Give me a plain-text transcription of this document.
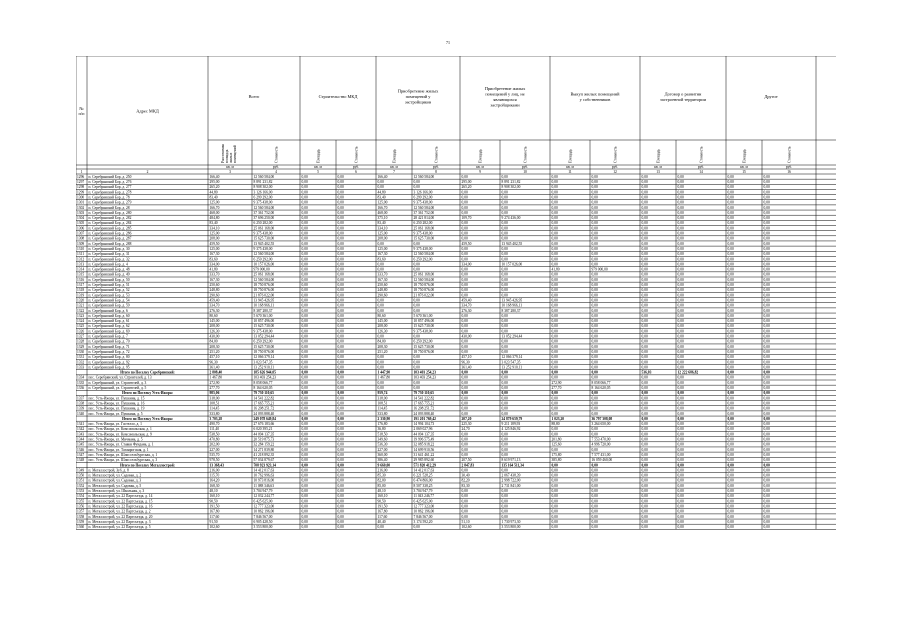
71
№ п/п	Адрес МКД
Всего	Строительство МКД
Приобретение жилых помещений у застройщиков
Приобретение жилых помещений у лиц, не являющихся застройщиками
Выкуп жилых помещений у собственников
Договор о развитии застроенной территории
Другое
Расселяемая площадь жилых помещений	Стоимость	Площадь	Стоимость	Площадь	Стоимость	Площадь	Стоимость	Площадь	Стоимость	Площадь	Стоимость	Площадь	Стоимость
кв. м	руб.	кв. м	руб.	кв. м	руб.	кв. м	руб.	кв. м	руб.	кв. м	руб.	кв. м	руб.
1	2	3	4	5	6	7	8	9	10	11	12	13	14	15	16
1296 п. Серебрянский Бор, д. 250	166,40	12 560 584,00	0,00	0,00	166,40	12 560 584,00	0,00	0,00	0,00	0,00	0,00	0,00	0,00	0,00
1297 п. Серебрянский Бор, д. 276	295,00	8 891 231,82	0,00	0,00	0,00	0,00	295,00	8 891 231,82	0,00	0,00	0,00	0,00	0,00	0,00
1298 п. Серебрянский Бор, д. 277	265,20	8 908 302,00	0,00	0,00	0,00	0,00	265,20	8 908 302,00	0,00	0,00	0,00	0,00	0,00	0,00
1299 п. Серебрянский Бор, д. 278	44,80	3 126 166,00	0,00	0,00	44,80	3 126 166,00	0,00	0,00	0,00	0,00	0,00	0,00	0,00	0,00
1300 п. Серебрянский Бор, д. 78	83,40	6 299 292,00	0,00	0,00	83,40	6 299 292,00	0,00	0,00	0,00	0,00	0,00	0,00	0,00	0,00
1301 п. Серебрянский Бор, д. 279	125,00	9 375 438,00	0,00	0,00	125,00	9 375 438,00	0,00	0,00	0,00	0,00	0,00	0,00	0,00	0,00
1302 п. Серебрянский Бор, д. 28	166,70	12 560 584,00	0,00	0,00	166,70	12 560 584,00	0,00	0,00	0,00	0,00	0,00	0,00	0,00	0,00
1303 п. Серебрянский Бор, д. 280	468,00	37 361 752,00	0,00	0,00	468,00	37 361 752,00	0,00	0,00	0,00	0,00	0,00	0,00	0,00	0,00
1304 п. Серебрянский Бор, д. 282	484,80	37 696 250,00	0,00	0,00	375,10	28 421 814,00	109,70	9 274 436,00	0,00	0,00	0,00	0,00	0,00	0,00
1305 п. Серебрянский Бор, д. 284	83,40	6 250 282,00	0,00	0,00	83,40	6 250 282,00	0,00	0,00	0,00	0,00	0,00	0,00	0,00	0,00
1306 п. Серебрянский Бор, д. 285	334,10	25 061 168,00	0,00	0,00	334,10	25 061 168,00	0,00	0,00	0,00	0,00	0,00	0,00	0,00	0,00
1307 п. Серебрянский Бор, д. 286	125,00	9 375 438,00	0,00	0,00	125,00	9 375 438,00	0,00	0,00	0,00	0,00	0,00	0,00	0,00	0,00
1308 п. Серебрянский Бор, д. 287	208,00	15 625 730,00	0,00	0,00	208,00	15 625 730,00	0,00	0,00	0,00	0,00	0,00	0,00	0,00	0,00
1309 п. Серебрянский Бор, д. 288	459,50	13 945 402,55	0,00	0,00	0,00	0,00	459,50	13 945 402,55	0,00	0,00	0,00	0,00	0,00	0,00
1310 п. Серебрянский Бор, д. 30	125,00	9 375 438,00	0,00	0,00	125,00	9 375 438,00	0,00	0,00	0,00	0,00	0,00	0,00	0,00	0,00
1311 п. Серебрянский Бор, д. 31	167,30	12 560 584,00	0,00	0,00	167,30	12 560 584,00	0,00	0,00	0,00	0,00	0,00	0,00	0,00	0,00
1312 п. Серебрянский Бор, д. 32	83,60	6 250 292,00	0,00	0,00	83,60	6 250 292,00	0,00	0,00	0,00	0,00	0,00	0,00	0,00	0,00
1313 п. Серебрянский Бор, д. 4	334,00	10 157 026,00	0,00	0,00	0,00	0,00	334,00	10 157 026,00	0,00	0,00	0,00	0,00	0,00	0,00
1314 п. Серебрянский Бор, д. 48	41,80	979 000,00	0,00	0,00	0,00	0,00	0,00	0,00	41,80	979 000,00	0,00	0,00	0,00	0,00
1315 п. Серебрянский Бор, д. 49	333,70	25 061 168,00	0,00	0,00	333,70	25 061 168,00	0,00	0,00	0,00	0,00	0,00	0,00	0,00	0,00
1316 п. Серебрянский Бор, д. 50	167,30	12 560 584,00	0,00	0,00	167,30	12 560 584,00	0,00	0,00	0,00	0,00	0,00	0,00	0,00	0,00
1317 п. Серебрянский Бор, д. 51	250,60	18 750 876,00	0,00	0,00	250,60	18 750 876,00	0,00	0,00	0,00	0,00	0,00	0,00	0,00	0,00
1318 п. Серебрянский Бор, д. 52	248,80	18 750 876,00	0,00	0,00	248,80	18 750 876,00	0,00	0,00	0,00	0,00	0,00	0,00	0,00	0,00
1319 п. Серебрянский Бор, д. 53	290,60	21 876 022,00	0,00	0,00	290,60	21 876 022,00	0,00	0,00	0,00	0,00	0,00	0,00	0,00	0,00
1320 п. Серебрянский Бор, д. 54	459,40	13 945 426,95	0,00	0,00	0,00	0,00	459,40	13 945 426,95	0,00	0,00	0,00	0,00	0,00	0,00
1321 п. Серебрянский Бор, д. 59	334,70	10 168 966,11	0,00	0,00	0,00	0,00	334,70	10 168 966,11	0,00	0,00	0,00	0,00	0,00	0,00
1322 п. Серебрянский Бор, д. 6	276,30	8 387 280,37	0,00	0,00	0,00	0,00	276,30	8 387 280,37	0,00	0,00	0,00	0,00	0,00	0,00
1323 п. Серебрянский Бор, д. 60	80,60	5 670 361,00	0,00	0,00	80,60	5 670 361,00	0,00	0,00	0,00	0,00	0,00	0,00	0,00	0,00
1324 п. Серебрянский Бор, д. 61	145,00	10 857 496,00	0,00	0,00	145,00	10 857 496,00	0,00	0,00	0,00	0,00	0,00	0,00	0,00	0,00
1325 п. Серебрянский Бор, д. 62	208,00	15 625 730,00	0,00	0,00	208,00	15 625 730,00	0,00	0,00	0,00	0,00	0,00	0,00	0,00	0,00
1326 п. Серебрянский Бор, д. 69	126,30	9 375 438,00	0,00	0,00	126,30	9 375 438,00	0,00	0,00	0,00	0,00	0,00	0,00	0,00	0,00
1327 п. Серебрянский Бор, д. 7	430,00	13 052 294,44	0,00	0,00	0,00	0,00	430,00	13 052 294,44	0,00	0,00	0,00	0,00	0,00	0,00
1328 п. Серебрянский Бор, д. 70	84,00	6 250 292,00	0,00	0,00	84,00	6 250 292,00	0,00	0,00	0,00	0,00	0,00	0,00	0,00	0,00
1329 п. Серебрянский Бор, д. 71	208,30	15 625 730,00	0,00	0,00	208,30	15 625 730,00	0,00	0,00	0,00	0,00	0,00	0,00	0,00	0,00
1330 п. Серебрянский Бор, д. 72	251,20	18 750 876,00	0,00	0,00	251,20	18 750 876,00	0,00	0,00	0,00	0,00	0,00	0,00	0,00	0,00
1331 п. Серебрянский Бор, д. 80	457,10	12 066 379,14	0,00	0,00	0,00	0,00	457,10	12 066 379,14	0,00	0,00	0,00	0,00	0,00	0,00
1332 п. Серебрянский Бор, д. 92	96,30	3 023 547,35	0,00	0,00	0,00	0,00	96,30	3 023 547,35	0,00	0,00	0,00	0,00	0,00	0,00
1333 п. Серебрянский Бор, д. 95	361,40	13 252 910,11	0,00	0,00	0,00	0,00	361,40	13 252 910,11	0,00	0,00	0,00	0,00	0,00	0,00
Итого по Поселку Серебрянский:	2 808,40	185 626 944,05	0,00	0,00	1 447,90	103 403 254,23	0,00	0,00	0,00	0,00	536,03	12 222 686,82	0,00	0,00
1334 пос. Серебрянский, ул. Строителей, д. 13	1 467,80	103 403 254,23	0,00	0,00	1 467,80	103 403 254,23	0,00	0,00	0,00	0,00	0,00	0,00	0,00	0,00
1335 п. Серебрянский, ул. Строителей, д. 3	272,90	8 058 066,77	0,00	0,00	0,00	0,00	0,00	0,00	272,90	8 058 066,77	0,00	0,00	0,00	0,00
1336 п. Серебрянский, ул. Строителей, д. 5	277,70	8 164 620,05	0,00	0,00	0,00	0,00	0,00	0,00	277,70	8 164 620,05	0,00	0,00	0,00	0,00
Итого по Поселку Усть-Ижора:	985,06	79 730 110,65	0,00	0,00	959,74	79 730 110,65	0,00	0,00	0,00	0,00	0,00	0,00	0,00	0,00
1337 пос. Усть-Ижора, ул. Пушкина, д. 15	318,00	14 541 222,82	0,00	0,00	318,00	14 541 222,82	0,00	0,00	0,00	0,00	0,00	0,00	0,00	0,00
1338 пос. Усть-Ижора, ул. Пушкина, д. 16	108,51	17 665 755,21	0,00	0,00	108,51	17 665 755,21	0,00	0,00	0,00	0,00	0,00	0,00	0,00	0,00
1339 пос. Усть-Ижора, ул. Пушкина, д. 19	114,45	16 208 251,72	0,00	0,00	114,45	16 208 251,72	0,00	0,00	0,00	0,00	0,00	0,00	0,00	0,00
1340 пос. Усть-Ижора, ул. Пушкина, д. 5	333,80	24 093 888,40	0,00	0,00	333,80	24 093 888,40	0,00	0,00	0,00	0,00	0,00	0,00	0,00	0,00
Итого по Поселку Усть-Ижора:	3 703,28	249 078 649,84	0,00	0,00	2 330,90	191 201 769,42	207,20	24 879 659,79	1 023,20	36 797 308,08	0,00	0,00	0,00	0,00
1341 пос. Усть-Ижора, ул. Гастелло, д. 1	490,70	27 676 183,66	0,00	0,00	176,80	14 994 104,73	225,30	9 211 189,93	88,80	3 264 650,00	0,00	0,00	0,00	0,00
1342 пос. Усть-Ижора, ул. Комсомольская, д. 1	111,40	6 020 395,21	0,00	0,00	36,80	2 069 027,96	24,70	4 125 846,92	0,00	0,00	0,00	0,00	0,00	0,00
1343 пос. Усть-Ижора, ул. Комсомольская, д. 9	538,50	44 094 137,35	0,00	0,00	518,50	44 094 137,35	0,00	0,00	0,00	0,00	0,00	0,00	0,00	0,00
1344 пос. Усть-Ижора, ул. Мичмана, д. 5	470,80	20 519 875,73	0,00	0,00	349,60	19 996 575,49	0,00	0,00	201,80	7 553 470,00	0,00	0,00	0,00	0,00
1345 пос. Усть-Ижора, ул. Ставки Фундана, д. 1	202,00	32 284 159,22	0,00	0,00	536,30	32 085 918,22	0,00	0,00	125,60	4 996 720,00	0,00	0,00	0,00	0,00
1346 пос. Усть-Ижора, ул. Таганрогская, д. 1	227,00	14 271 839,80	0,00	0,00	227,00	14 699 910,56	0,00	0,00	0,00	0,00	0,00	0,00	0,00	0,00
1347 пос. Усть-Ижора, ул. Шлиссельбургская, д. 1	535,70	41 218 892,35	0,00	0,00	360,00	31 641 461,22	0,00	0,00	175,80	7 577 431,00	0,00	0,00	0,00	0,00
1348 пос. Усть-Ижора, ул. Шлиссельбургская, д. 3	978,50	57 034 879,67	0,00	0,00	386,40	29 985 892,60	207,50	8 619 971,13	385,80	16 059 460,00	0,00	0,00	0,00	0,00
Итого по Поселку Металлострой:	13 368,43	708 923 923,14	0,00	0,00	9 660,00	571 820 412,29	2 847,83	135 164 511,34	0,00	0,00	0,00	0,00	0,00	0,00
1349 п. Металлострой, Зуб, д. 8	216,00	14 412 017,63	0,00	0,00	216,00	14 412 017,63	0,00	0,00	0,00	0,00	0,00	0,00	0,00	0,00
1350 п. Металлострой, ул. Садовая, д. 2	115,70	10 762 996,63	0,00	0,00	85,30	6 221 528,25	30,40	2 067 438,39	0,00	0,00	0,00	0,00	0,00	0,00
1351 п. Металлострой, ул. Садовая, д. 3	164,20	10 973 816,00	0,00	0,00	82,00	6 474 866,00	82,20	2 998 722,00	0,00	0,00	0,00	0,00	0,00	0,00
1352 п. Металлострой, ул. Садовая, д. 5	168,30	11 088 346,63	0,00	0,00	85,00	8 507 338,25	83,30	2 731 841,00	0,00	0,00	0,00	0,00	0,00	0,00
1353 п. Металлострой, ул. Школьная, д. 3	48,10	3 704 947,79	0,00	0,00	48,10	3 704 947,79	0,00	0,00	0,00	0,00	0,00	0,00	0,00	0,00
1354 п. Металлострой, ул. 22 Партсъезда, д. 14	160,10	12 032 244,77	0,00	0,00	160,10	11 043 246,77	0,00	0,00	0,00	0,00	0,00	0,00	0,00	0,00
1355 п. Металлострой, ул. 22 Партсъезда, д. 15	90,50	6 425 625,00	0,00	0,00	90,50	6 425 625,00	0,00	0,00	0,00	0,00	0,00	0,00	0,00	0,00
1356 п. Металлострой, ул. 22 Партсъезда, д. 16	191,50	12 777 323,00	0,00	0,00	191,50	12 777 323,00	0,00	0,00	0,00	0,00	0,00	0,00	0,00	0,00
1357 п. Металлострой, ул. 22 Партсъезда, д. 2	167,80	10 862 196,00	0,00	0,00	167,80	10 862 196,00	0,00	0,00	0,00	0,00	0,00	0,00	0,00	0,00
1358 п. Металлострой, ул. 22 Партсъезда, д. 20	117,60	7 846 567,00	0,00	0,00	117,60	7 846 567,00	0,00	0,00	0,00	0,00	0,00	0,00	0,00	0,00
1359 п. Металлострой, ул. 22 Партсъезда, д. 3	91,50	6 905 428,50	0,00	0,00	40,40	3 174 592,20	51,10	1 730 973,30	0,00	0,00	0,00	0,00	0,00	0,00
1360 п. Металлострой, ул. 22 Партсъезда, д. 5	102,60	3 553 800,00	0,00	0,00	0,00	0,00	102,60	3 553 800,00	0,00	0,00	0,00	0,00	0,00	0,00
